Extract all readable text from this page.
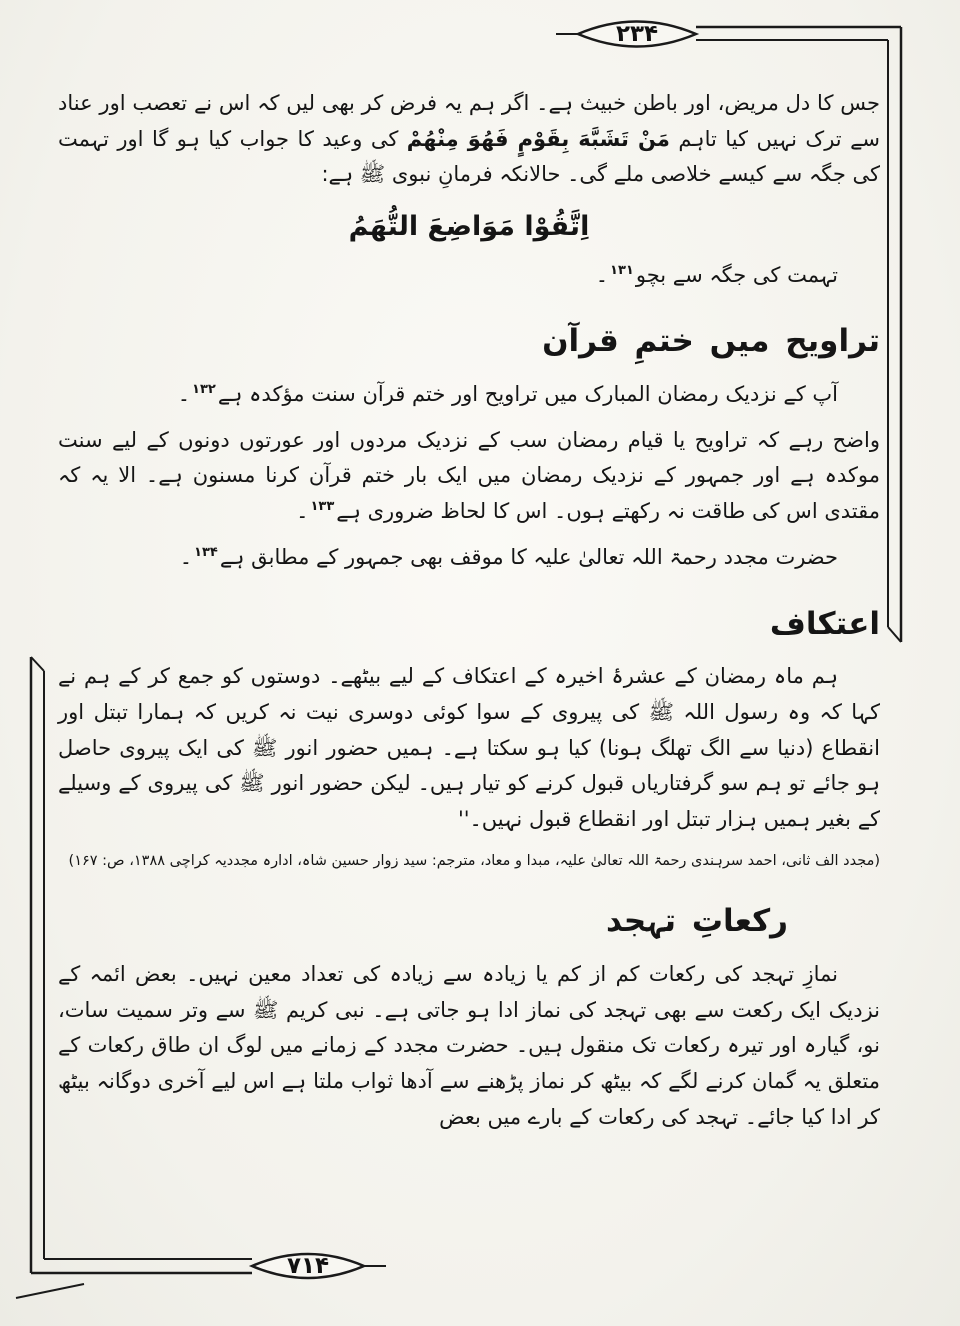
۲۳۴
۷۱۴

جس کا دل مریض، اور باطن خبیث ہے۔ اگر ہم یہ فرض کر بھی لیں کہ اس نے تعصب اور عناد سے ترک نہیں کیا تاہم مَنْ تَشَبَّهَ بِقَوْمٍ فَهُوَ مِنْهُمْ کی وعید کا جواب کیا ہو گا اور تہمت کی جگہ سے کیسے خلاصی ملے گی۔ حالانکہ فرمانِ نبوی ﷺ ہے:

اِتَّقُوْا مَوَاضِعَ التُّهَمُ

تہمت کی جگہ سے بچو$^{۱۳۱}$۔

تراویح میں ختمِ قرآن

آپ کے نزدیک رمضان المبارک میں تراویح اور ختم قرآن سنت مؤکدہ ہے$^{۱۳۲}$۔

واضح رہے کہ تراویح یا قیام رمضان سب کے نزدیک مردوں اور عورتوں دونوں کے لیے سنت موکدہ ہے اور جمہور کے نزدیک رمضان میں ایک بار ختم قرآن کرنا مسنون ہے۔ الا یہ کہ مقتدی اس کی طاقت نہ رکھتے ہوں۔ اس کا لحاظ ضروری ہے$^{۱۳۳}$۔

حضرت مجدد رحمۃ اللہ تعالیٰ علیہ کا موقف بھی جمہور کے مطابق ہے$^{۱۳۴}$۔

اعتکاف

ہم ماہ رمضان کے عشرۂ اخیرہ کے اعتکاف کے لیے بیٹھے۔ دوستوں کو جمع کر کے ہم نے کہا کہ وہ رسول اللہ ﷺ کی پیروی کے سوا کوئی دوسری نیت نہ کریں کہ ہمارا تبتل اور انقطاع (دنیا سے الگ تھلگ ہونا) کیا ہو سکتا ہے۔ ہمیں حضور انور ﷺ کی ایک پیروی حاصل ہو جائے تو ہم سو گرفتاریاں قبول کرنے کو تیار ہیں۔ لیکن حضور انور ﷺ کی پیروی کے وسیلے کے بغیر ہمیں ہزار تبتل اور انقطاع قبول نہیں۔''

(مجدد الف ثانی، احمد سرہندی رحمۃ اللہ تعالیٰ علیہ، مبدا و معاد، مترجم: سید زوار حسین شاہ، ادارہ مجددیہ کراچی ۱۳۸۸، ص: ۱۶۷)

رکعاتِ تہجد

نمازِ تہجد کی رکعات کم از کم یا زیادہ سے زیادہ کی تعداد معین نہیں۔ بعض ائمہ کے نزدیک ایک رکعت سے بھی تہجد کی نماز ادا ہو جاتی ہے۔ نبی کریم ﷺ سے وتر سمیت سات، نو، گیارہ اور تیرہ رکعات تک منقول ہیں۔ حضرت مجدد کے زمانے میں لوگ ان طاق رکعات کے متعلق یہ گمان کرنے لگے کہ بیٹھ کر نماز پڑھنے سے آدھا ثواب ملتا ہے اس لیے آخری دوگانہ بیٹھ کر ادا کیا جائے۔ تہجد کی رکعات کے بارے میں بعض
